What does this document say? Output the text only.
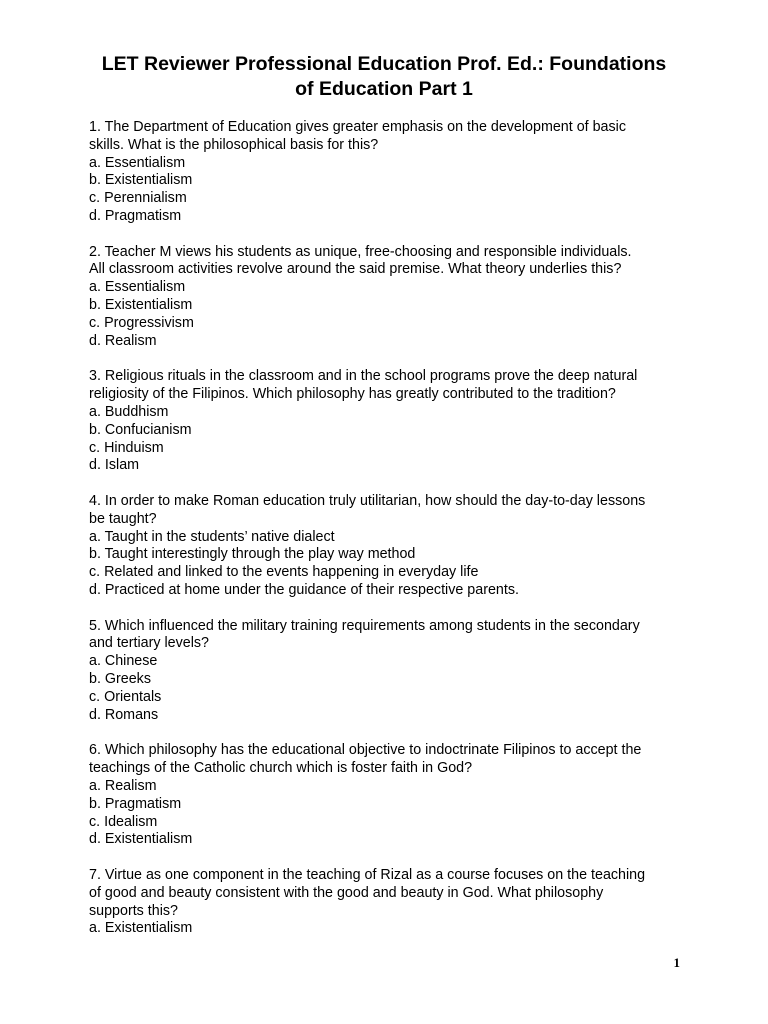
LET Reviewer Professional Education Prof. Ed.: Foundations
of Education Part 1
1. The Department of Education gives greater emphasis on the development of basic
skills. What is the philosophical basis for this?
a. Essentialism
b. Existentialism
c. Perennialism
d. Pragmatism
2. Teacher M views his students as unique, free-choosing and responsible individuals.
All classroom activities revolve around the said premise. What theory underlies this?
a. Essentialism
b. Existentialism
c. Progressivism
d. Realism
3. Religious rituals in the classroom and in the school programs prove the deep natural
religiosity of the Filipinos. Which philosophy has greatly contributed to the tradition?
a. Buddhism
b. Confucianism
c. Hinduism
d. Islam
4. In order to make Roman education truly utilitarian, how should the day-to-day lessons
be taught?
a. Taught in the students’ native dialect
b. Taught interestingly through the play way method
c. Related and linked to the events happening in everyday life
d. Practiced at home under the guidance of their respective parents.
5. Which influenced the military training requirements among students in the secondary
and tertiary levels?
a. Chinese
b. Greeks
c. Orientals
d. Romans
6. Which philosophy has the educational objective to indoctrinate Filipinos to accept the
teachings of the Catholic church which is foster faith in God?
a. Realism
b. Pragmatism
c. Idealism
d. Existentialism
7. Virtue as one component in the teaching of Rizal as a course focuses on the teaching
of good and beauty consistent with the good and beauty in God. What philosophy
supports this?
a. Existentialism
1
